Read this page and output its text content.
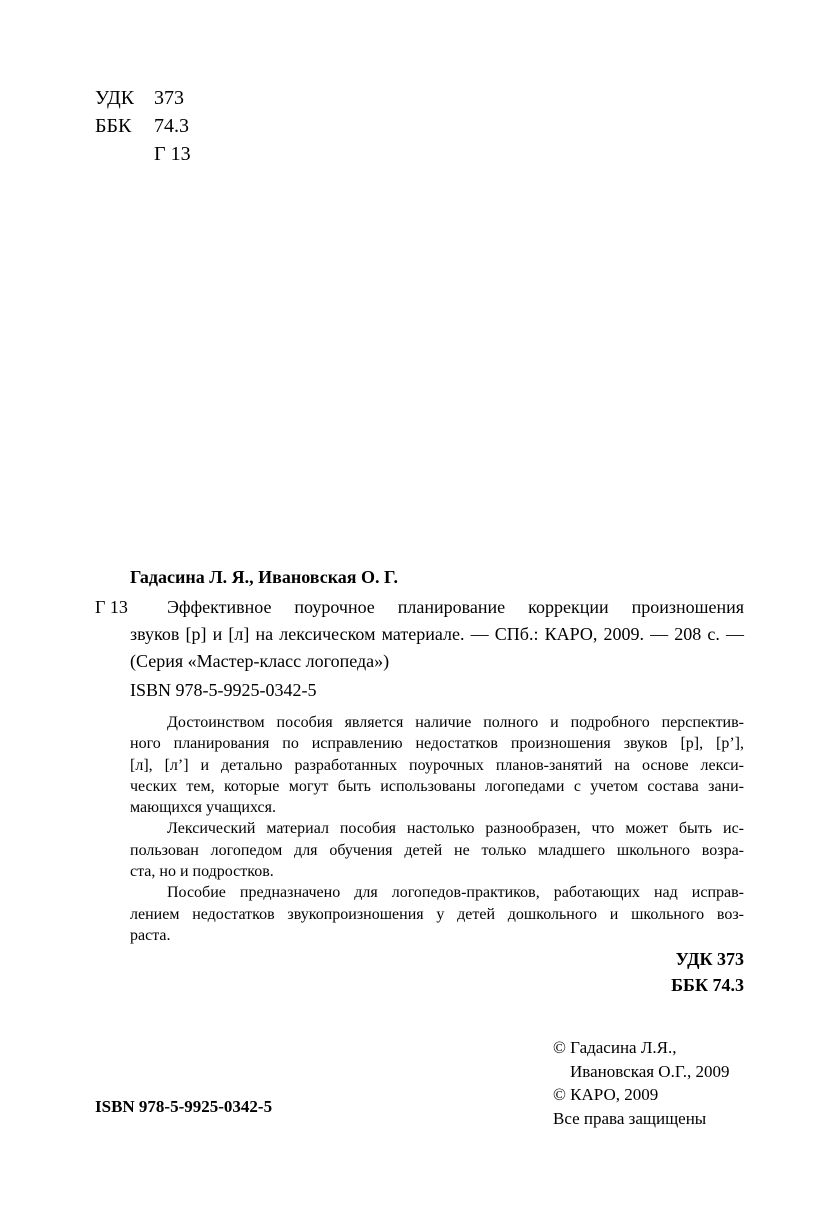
УДК 373
ББК	74.3
Г 13
Гадасина Л. Я., Ивановская О. Г.
Г 13	Эффективное поурочное планирование коррекции произношения
звуков [р] и [л] на лексическом материале. — СПб.: КАРО, 2009. — 208 с. —
(Серия «Мастер-класс логопеда»)
ISBN 978-5-9925-0342-5
Достоинством пособия является наличие полного и подробного перспектив-
ного планирования по исправлению недостатков произношения звуков [р], [р’],
[л], [л’] и детально разработанных поурочных планов-занятий на основе лекси-
ческих тем, которые могут быть использованы логопедами с учетом состава зани-
мающихся учащихся.
Лексический материал пособия настолько разнообразен, что может быть ис-
пользован логопедом для обучения детей не только младшего школьного возра-
ста, но и подростков.
Пособие предназначено для логопедов-практиков, работающих над исправ-
лением недостатков звукопроизношения у детей дошкольного и школьного воз-
раста.
УДК 373
ББК 74.3
© Гадасина Л.Я.,
Ивановская О.Г., 2009
© КАРО, 2009
Все права защищены
ISBN 978-5-9925-0342-5
